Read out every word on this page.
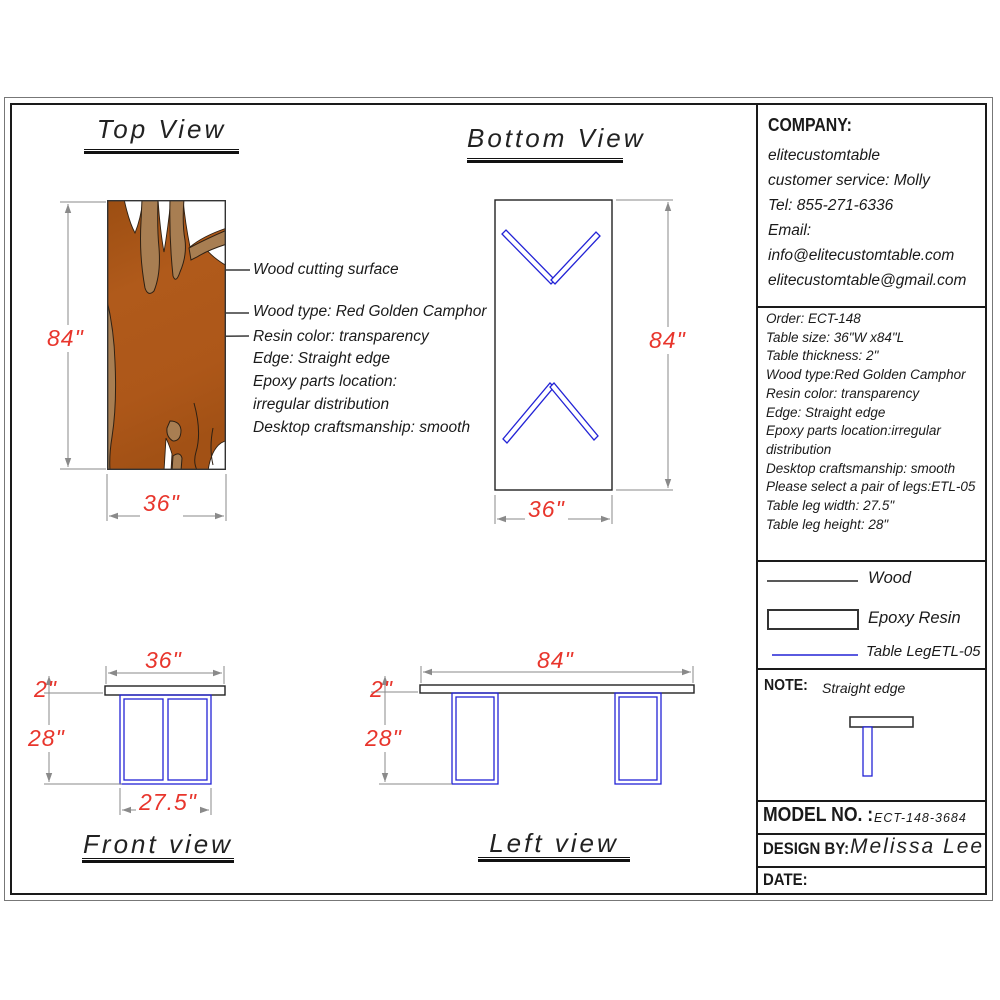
Top View
84"
36"
Wood cutting surface
Wood type: Red Golden Camphor
Resin color: transparency
Edge: Straight edge
Epoxy parts location:
irregular distribution
Desktop craftsmanship: smooth
Bottom View
84"
36"
Front view
36"
2"
28"
27.5"
Left view
84"
2"
28"
COMPANY:
elitecustomtable
customer service: Molly
Tel: 855-271-6336
Email:
info@elitecustomtable.com
elitecustomtable@gmail.com
Order: ECT-148
Table size: 36"W x84"L
Table thickness: 2"
Wood type:Red Golden Camphor
Resin color: transparency
Edge: Straight edge
Epoxy parts location:irregular
distribution
Desktop craftsmanship: smooth
Please select a pair of legs:ETL-05
Table leg width: 27.5"
Table leg height: 28"
Wood
Epoxy Resin
Table LegETL-05
NOTE: Straight edge
MODEL NO. : ECT-148-3684
DESIGN BY: Melissa Lee
DATE:
